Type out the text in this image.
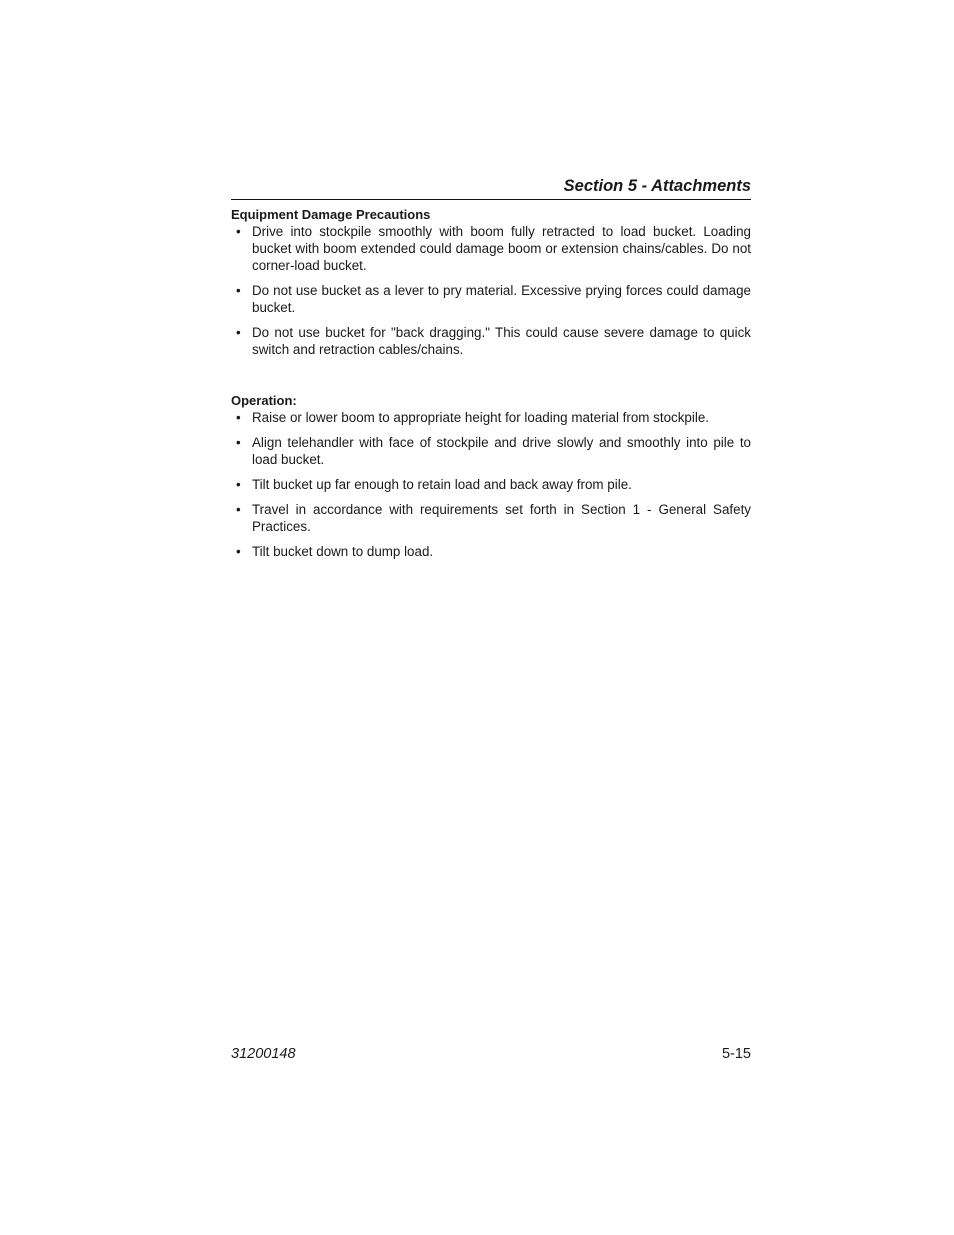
Section 5 - Attachments

Equipment Damage Precautions

• Drive into stockpile smoothly with boom fully retracted to load bucket. Loading bucket with boom extended could damage boom or extension chains/cables. Do not corner-load bucket.
• Do not use bucket as a lever to pry material. Excessive prying forces could damage bucket.
• Do not use bucket for "back dragging." This could cause severe damage to quick switch and retraction cables/chains.

Operation:

• Raise or lower boom to appropriate height for loading material from stockpile.
• Align telehandler with face of stockpile and drive slowly and smoothly into pile to load bucket.
• Tilt bucket up far enough to retain load and back away from pile.
• Travel in accordance with requirements set forth in Section 1 - General Safety Practices.
• Tilt bucket down to dump load.
31200148	5-15
